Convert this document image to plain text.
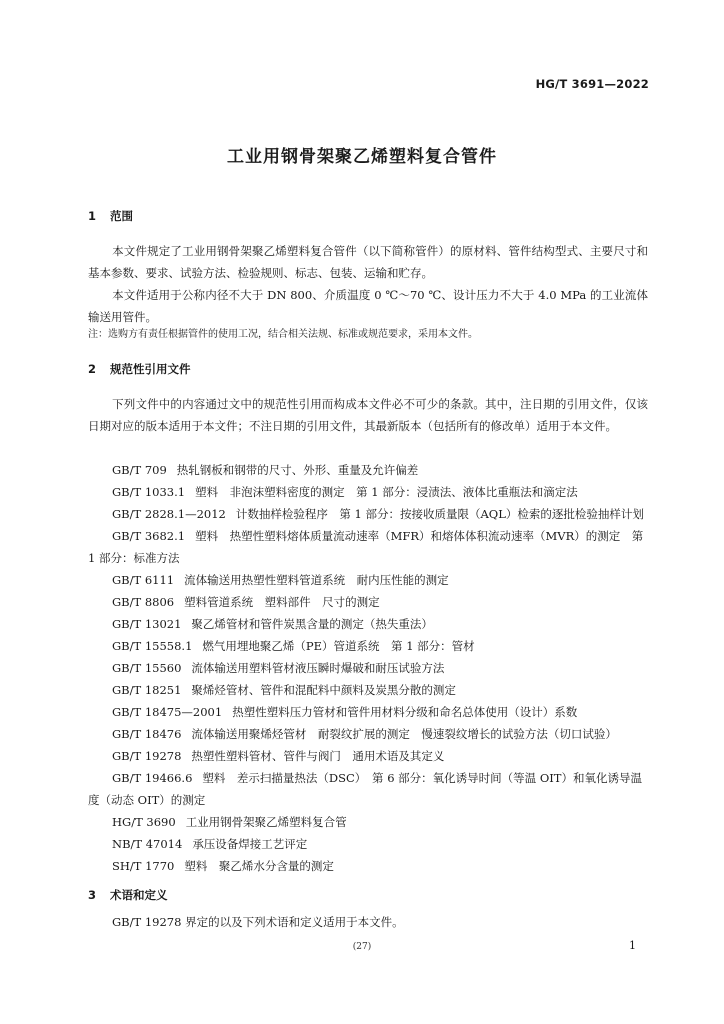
HG/T 3691—2022
工业用钢骨架聚乙烯塑料复合管件
1 范围
本文件规定了工业用钢骨架聚乙烯塑料复合管件（以下简称管件）的原材料、管件结构型式、主要尺寸和基本参数、要求、试验方法、检验规则、标志、包装、运输和贮存。
本文件适用于公称内径不大于 DN 800、介质温度 0 ℃～70 ℃、设计压力不大于 4.0 MPa 的工业流体输送用管件。
注：选购方有责任根据管件的使用工况，结合相关法规、标准或规范要求，采用本文件。
2 规范性引用文件
下列文件中的内容通过文中的规范性引用而构成本文件必不可少的条款。其中，注日期的引用文件，仅该日期对应的版本适用于本文件；不注日期的引用文件，其最新版本（包括所有的修改单）适用于本文件。
GB/T 709 热轧钢板和钢带的尺寸、外形、重量及允许偏差
GB/T 1033.1 塑料　非泡沫塑料密度的测定　第 1 部分：浸渍法、液体比重瓶法和滴定法
GB/T 2828.1—2012 计数抽样检验程序　第 1 部分：按接收质量限（AQL）检索的逐批检验抽样计划
GB/T 3682.1 塑料　热塑性塑料熔体质量流动速率（MFR）和熔体体积流动速率（MVR）的测定　第 1 部分：标准方法
GB/T 6111 流体输送用热塑性塑料管道系统　耐内压性能的测定
GB/T 8806 塑料管道系统　塑料部件　尺寸的测定
GB/T 13021 聚乙烯管材和管件炭黑含量的测定（热失重法）
GB/T 15558.1 燃气用埋地聚乙烯（PE）管道系统　第 1 部分：管材
GB/T 15560 流体输送用塑料管材液压瞬时爆破和耐压试验方法
GB/T 18251 聚烯烃管材、管件和混配料中颜料及炭黑分散的测定
GB/T 18475—2001 热塑性塑料压力管材和管件用材料分级和命名总体使用（设计）系数
GB/T 18476 流体输送用聚烯烃管材　耐裂纹扩展的测定　慢速裂纹增长的试验方法（切口试验）
GB/T 19278 热塑性塑料管材、管件与阀门　通用术语及其定义
GB/T 19466.6 塑料　差示扫描量热法（DSC）　第 6 部分：氧化诱导时间（等温 OIT）和氧化诱导温度（动态 OIT）的测定
HG/T 3690 工业用钢骨架聚乙烯塑料复合管
NB/T 47014 承压设备焊接工艺评定
SH/T 1770 塑料　聚乙烯水分含量的测定
(27)	1
3 术语和定义
GB/T 19278 界定的以及下列术语和定义适用于本文件。
